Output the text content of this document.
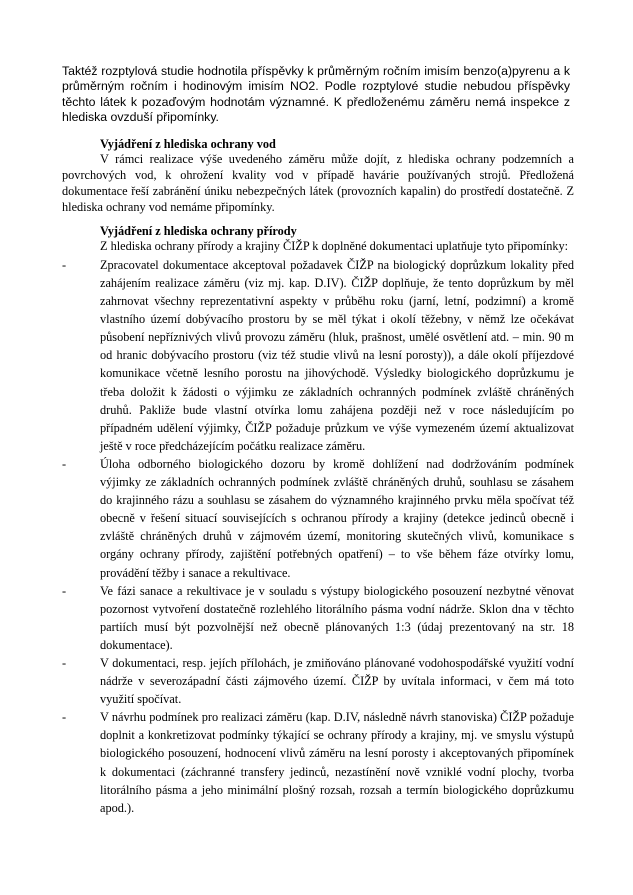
Taktéž rozptylová studie hodnotila příspěvky k průměrným ročním imisím benzo(a)pyrenu a k průměrným ročním i hodinovým imisím NO2. Podle rozptylové studie nebudou příspěvky těchto látek k pozaďovým hodnotám významné. K předloženému záměru nemá inspekce z hlediska ovzduší připomínky.

Vyjádření z hlediska ochrany vod

V rámci realizace výše uvedeného záměru může dojít, z hlediska ochrany podzemních a povrchových vod, k ohrožení kvality vod v případě havárie používaných strojů. Předložená dokumentace řeší zabránění úniku nebezpečných látek (provozních kapalin) do prostředí dostatečně. Z hlediska ochrany vod nemáme připomínky.

Vyjádření z hlediska ochrany přírody

Z hlediska ochrany přírody a krajiny ČIŽP k doplněné dokumentaci uplatňuje tyto připomínky:

-	Zpracovatel dokumentace akceptoval požadavek ČIŽP na biologický doprůzkum lokality před zahájením realizace záměru (viz mj. kap. D.IV). ČIŽP doplňuje, že tento doprůzkum by měl zahrnovat všechny reprezentativní aspekty v průběhu roku (jarní, letní, podzimní) a kromě vlastního území dobývacího prostoru by se měl týkat i okolí těžebny, v němž lze očekávat působení nepříznivých vlivů provozu záměru (hluk, prašnost, umělé osvětlení atd. – min. 90 m od hranic dobývacího prostoru (viz též studie vlivů na lesní porosty)), a dále okolí příjezdové komunikace včetně lesního porostu na jihovýchodě. Výsledky biologického doprůzkumu je třeba doložit k žádosti o výjimku ze základních ochranných podmínek zvláště chráněných druhů. Pakliže bude vlastní otvírka lomu zahájena později než v roce následujícím po případném udělení výjimky, ČIŽP požaduje průzkum ve výše vymezeném území aktualizovat ještě v roce předcházejícím počátku realizace záměru.
-	Úloha odborného biologického dozoru by kromě dohlížení nad dodržováním podmínek výjimky ze základních ochranných podmínek zvláště chráněných druhů, souhlasu se zásahem do krajinného rázu a souhlasu se zásahem do významného krajinného prvku měla spočívat též obecně v řešení situací souvisejících s ochranou přírody a krajiny (detekce jedinců obecně i zvláště chráněných druhů v zájmovém území, monitoring skutečných vlivů, komunikace s orgány ochrany přírody, zajištění potřebných opatření) – to vše během fáze otvírky lomu, provádění těžby i sanace a rekultivace.
-	Ve fázi sanace a rekultivace je v souladu s výstupy biologického posouzení nezbytné věnovat pozornost vytvoření dostatečně rozlehlého litorálního pásma vodní nádrže. Sklon dna v těchto partiích musí být pozvolnější než obecně plánovaných 1:3 (údaj prezentovaný na str. 18 dokumentace).
-	V dokumentaci, resp. jejích přílohách, je zmiňováno plánované vodohospodářské využití vodní nádrže v severozápadní části zájmového území. ČIŽP by uvítala informaci, v čem má toto využití spočívat.
-	V návrhu podmínek pro realizaci záměru (kap. D.IV, následně návrh stanoviska) ČIŽP požaduje doplnit a konkretizovat podmínky týkající se ochrany přírody a krajiny, mj. ve smyslu výstupů biologického posouzení, hodnocení vlivů záměru na lesní porosty i akceptovaných připomínek k dokumentaci (záchranné transfery jedinců, nezastínění nově vzniklé vodní plochy, tvorba litorálního pásma a jeho minimální plošný rozsah, rozsah a termín biologického doprůzkumu apod.).
